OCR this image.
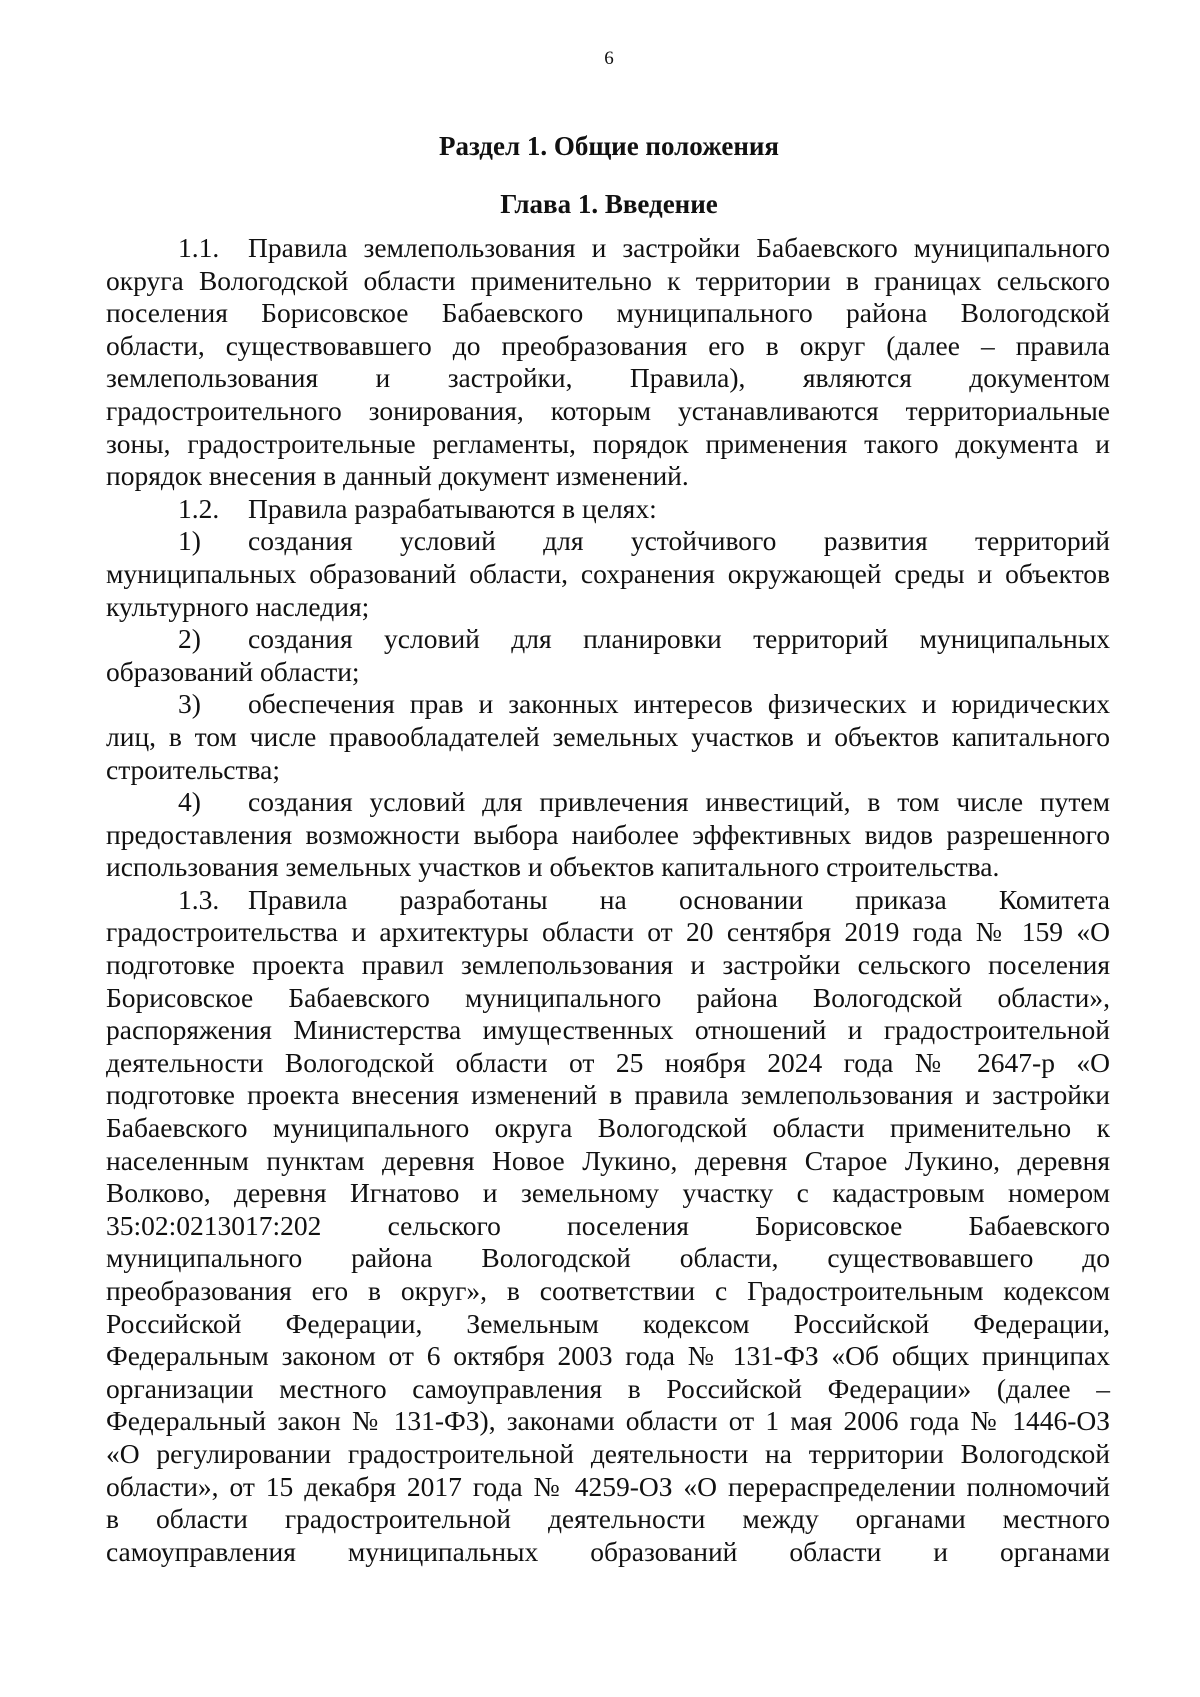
6
Раздел 1. Общие положения
Глава 1. Введение
1.1. Правила землепользования и застройки Бабаевского муниципального
округа Вологодской области применительно к территории в границах сельского
поселения Борисовское Бабаевского муниципального района Вологодской
области, существовавшего до преобразования его в округ (далее – правила
землепользования и застройки, Правила), являются документом
градостроительного зонирования, которым устанавливаются территориальные
зоны, градостроительные регламенты, порядок применения такого документа и
порядок внесения в данный документ изменений.
1.2. Правила разрабатываются в целях:
1) создания условий для устойчивого развития территорий
муниципальных образований области, сохранения окружающей среды и объектов
культурного наследия;
2) создания условий для планировки территорий муниципальных
образований области;
3) обеспечения прав и законных интересов физических и юридических
лиц, в том числе правообладателей земельных участков и объектов капитального
строительства;
4) создания условий для привлечения инвестиций, в том числе путем
предоставления возможности выбора наиболее эффективных видов разрешенного
использования земельных участков и объектов капитального строительства.
1.3. Правила разработаны на основании приказа Комитета
градостроительства и архитектуры области от 20 сентября 2019 года № 159 «О
подготовке проекта правил землепользования и застройки сельского поселения
Борисовское Бабаевского муниципального района Вологодской области»,
распоряжения Министерства имущественных отношений и градостроительной
деятельности Вологодской области от 25 ноября 2024 года № 2647-р «О
подготовке проекта внесения изменений в правила землепользования и застройки
Бабаевского муниципального округа Вологодской области применительно к
населенным пунктам деревня Новое Лукино, деревня Старое Лукино, деревня
Волково, деревня Игнатово и земельному участку с кадастровым номером
35:02:0213017:202 сельского поселения Борисовское Бабаевского
муниципального района Вологодской области, существовавшего до
преобразования его в округ», в соответствии с Градостроительным кодексом
Российской Федерации, Земельным кодексом Российской Федерации,
Федеральным законом от 6 октября 2003 года № 131-ФЗ «Об общих принципах
организации местного самоуправления в Российской Федерации» (далее –
Федеральный закон № 131-ФЗ), законами области от 1 мая 2006 года № 1446-ОЗ
«О регулировании градостроительной деятельности на территории Вологодской
области», от 15 декабря 2017 года № 4259-ОЗ «О перераспределении полномочий
в области градостроительной деятельности между органами местного
самоуправления муниципальных образований области и органами
